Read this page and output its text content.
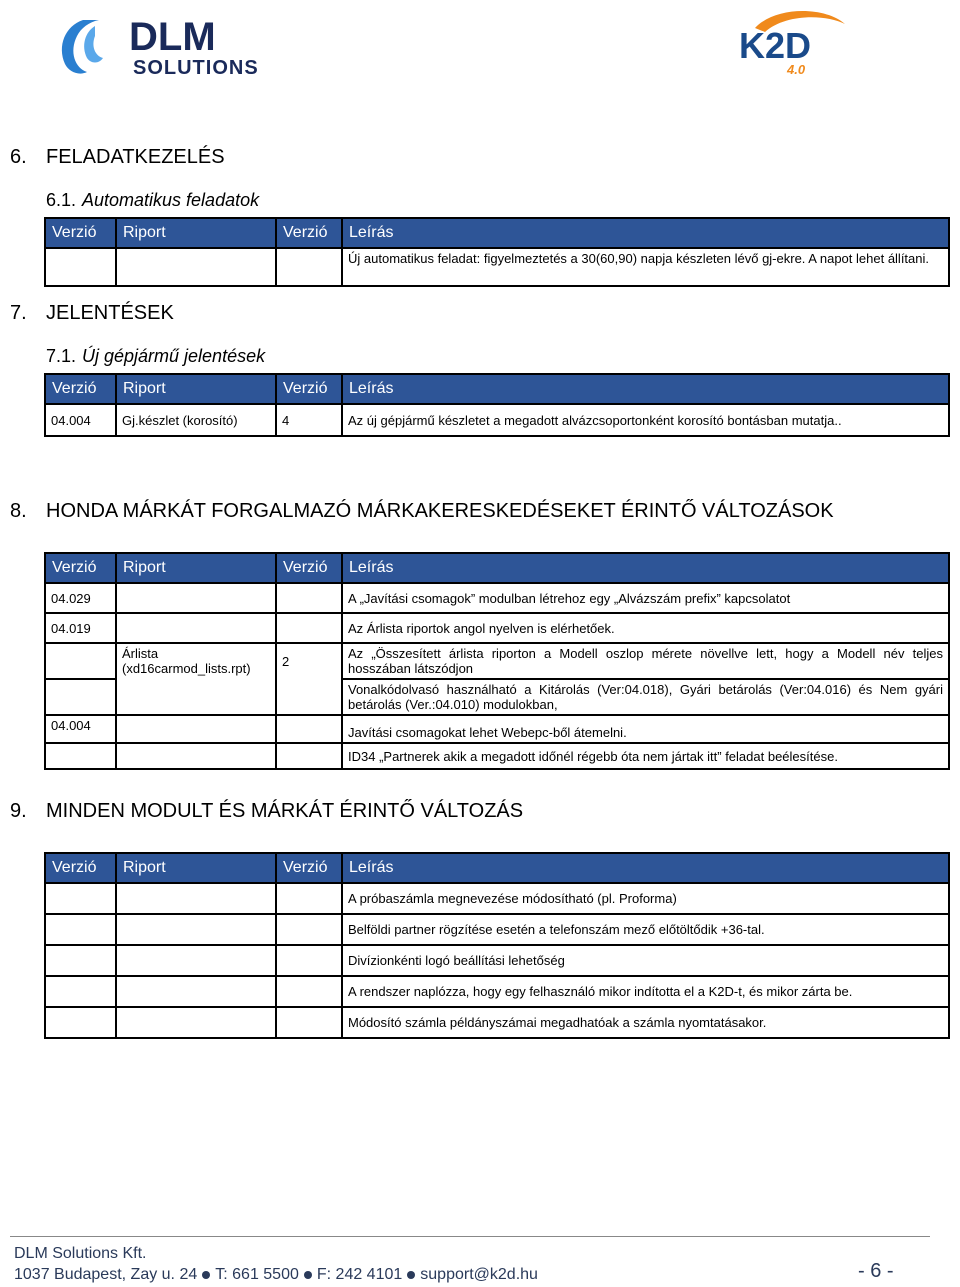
DLM
SOLUTIONS
K2D
4.0
6. FELADATKEZELÉS
6.1. Automatikus feladatok
Verzió	Riport	Verzió	Leírás
			Új automatikus feladat: figyelmeztetés a 30(60,90) napja készleten lévő gj-ekre. A napot lehet állítani.
7. JELENTÉSEK
7.1. Új gépjármű jelentések
Verzió	Riport	Verzió	Leírás
04.004	Gj.készlet (korosító)	4	Az új gépjármű készletet a megadott alvázcsoportonként korosító bontásban mutatja..
8. HONDA MÁRKÁT FORGALMAZÓ MÁRKAKERESKEDÉSEKET ÉRINTŐ VÁLTOZÁSOK
Verzió	Riport	Verzió	Leírás
04.029			A „Javítási csomagok” modulban létrehoz egy „Alvázszám prefix” kapcsolatot
04.019			Az Árlista riportok angol nyelven is elérhetőek.
	Árlista (xd16carmod_lists.rpt)	2	Az „Összesített árlista riporton a Modell oszlop mérete növellve lett, hogy a Modell név teljes hosszában látszódjon
			Vonalkódolvasó használható a Kitárolás (Ver:04.018), Gyári betárolás (Ver:04.016) és Nem gyári betárolás (Ver.:04.010) modulokban,
04.004			Javítási csomagokat lehet Webepc-ből átemelni.
			ID34 „Partnerek akik a megadott időnél régebb óta nem jártak itt” feladat beélesítése.
9. MINDEN MODULT ÉS MÁRKÁT ÉRINTŐ VÁLTOZÁS
Verzió	Riport	Verzió	Leírás
			A próbaszámla megnevezése módosítható (pl. Proforma)
			Belföldi partner rögzítése esetén a telefonszám mező előtöltődik +36-tal.
			Divízionkénti logó beállítási lehetőség
			A rendszer naplózza, hogy egy felhasználó mikor indította el a K2D-t, és mikor zárta be.
			Módosító számla példányszámai megadhatóak a számla nyomtatásakor.
DLM Solutions Kft.
1037 Budapest, Zay u. 24 T: 661 5500 F: 242 4101 support@k2d.hu	- 6 -
